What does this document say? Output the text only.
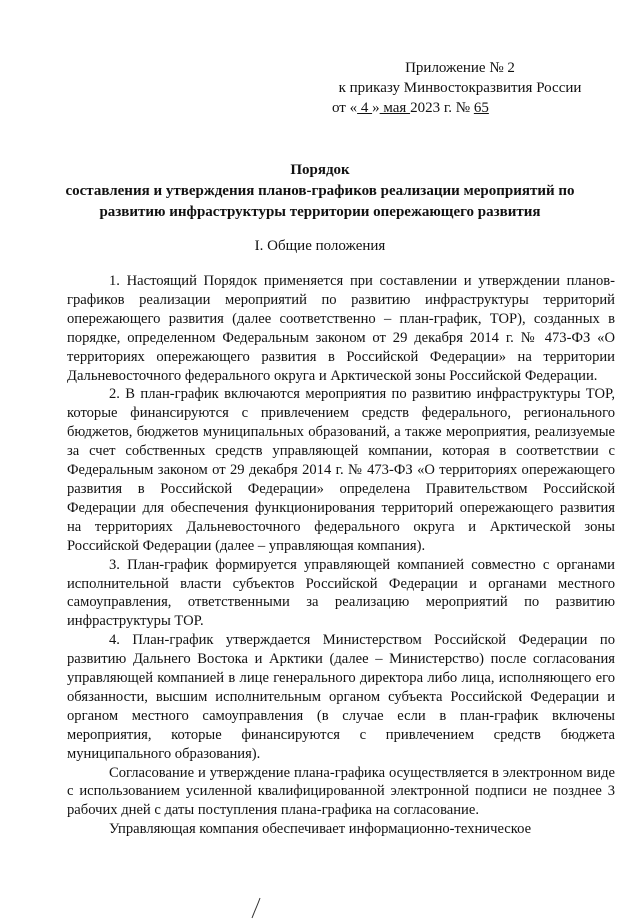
Приложение № 2
к приказу Минвостокразвития России
от « 4 » мая 2023 г. № 65
Порядок
составления и утверждения планов-графиков реализации мероприятий по
развитию инфраструктуры территории опережающего развития
I. Общие положения

1. Настоящий Порядок применяется при составлении и утверждении планов-графиков реализации мероприятий по развитию инфраструктуры территорий опережающего развития (далее соответственно – план-график, ТОР), созданных в порядке, определенном Федеральным законом от 29 декабря 2014 г. № 473-ФЗ «О территориях опережающего развития в Российской Федерации» на территории Дальневосточного федерального округа и Арктической зоны Российской Федерации.

2. В план-график включаются мероприятия по развитию инфраструктуры ТОР, которые финансируются с привлечением средств федерального, регионального бюджетов, бюджетов муниципальных образований, а также мероприятия, реализуемые за счет собственных средств управляющей компании, которая в соответствии с Федеральным законом от 29 декабря 2014 г. № 473-ФЗ «О территориях опережающего развития в Российской Федерации» определена Правительством Российской Федерации для обеспечения функционирования территорий опережающего развития на территориях Дальневосточного федерального округа и Арктической зоны Российской Федерации (далее – управляющая компания).

3. План-график формируется управляющей компанией совместно с органами исполнительной власти субъектов Российской Федерации и органами местного самоуправления, ответственными за реализацию мероприятий по развитию инфраструктуры ТОР.

4. План-график утверждается Министерством Российской Федерации по развитию Дальнего Востока и Арктики (далее – Министерство) после согласования управляющей компанией в лице генерального директора либо лица, исполняющего его обязанности, высшим исполнительным органом субъекта Российской Федерации и органом местного самоуправления (в случае если в план-график включены мероприятия, которые финансируются с привлечением средств бюджета муниципального образования).

Согласование и утверждение плана-графика осуществляется в электронном виде с использованием усиленной квалифицированной электронной подписи не позднее 3 рабочих дней с даты поступления плана-графика на согласование.

Управляющая компания обеспечивает информационно-техническое
